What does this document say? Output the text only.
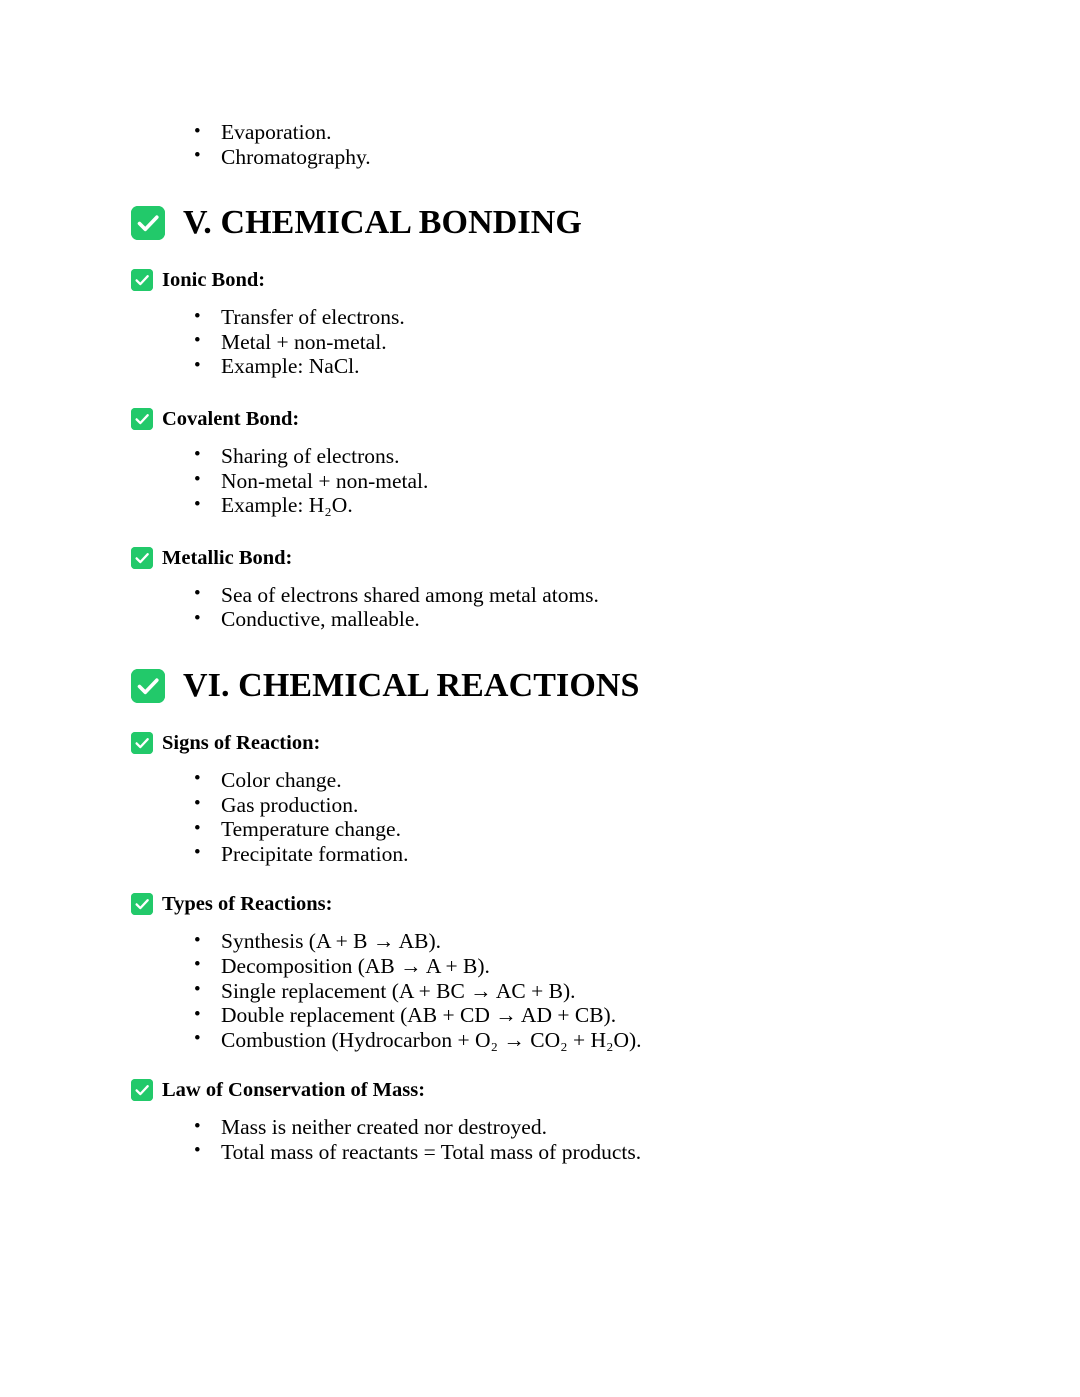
• Evaporation.
• Chromatography.
V. CHEMICAL BONDING
Ionic Bond:
• Transfer of electrons.
• Metal + non-metal.
• Example: NaCl.
Covalent Bond:
• Sharing of electrons.
• Non-metal + non-metal.
• Example: H₂O.
Metallic Bond:
• Sea of electrons shared among metal atoms.
• Conductive, malleable.
VI. CHEMICAL REACTIONS
Signs of Reaction:
• Color change.
• Gas production.
• Temperature change.
• Precipitate formation.
Types of Reactions:
• Synthesis (A + B → AB).
• Decomposition (AB → A + B).
• Single replacement (A + BC → AC + B).
• Double replacement (AB + CD → AD + CB).
• Combustion (Hydrocarbon + O₂ → CO₂ + H₂O).
Law of Conservation of Mass:
• Mass is neither created nor destroyed.
• Total mass of reactants = Total mass of products.
